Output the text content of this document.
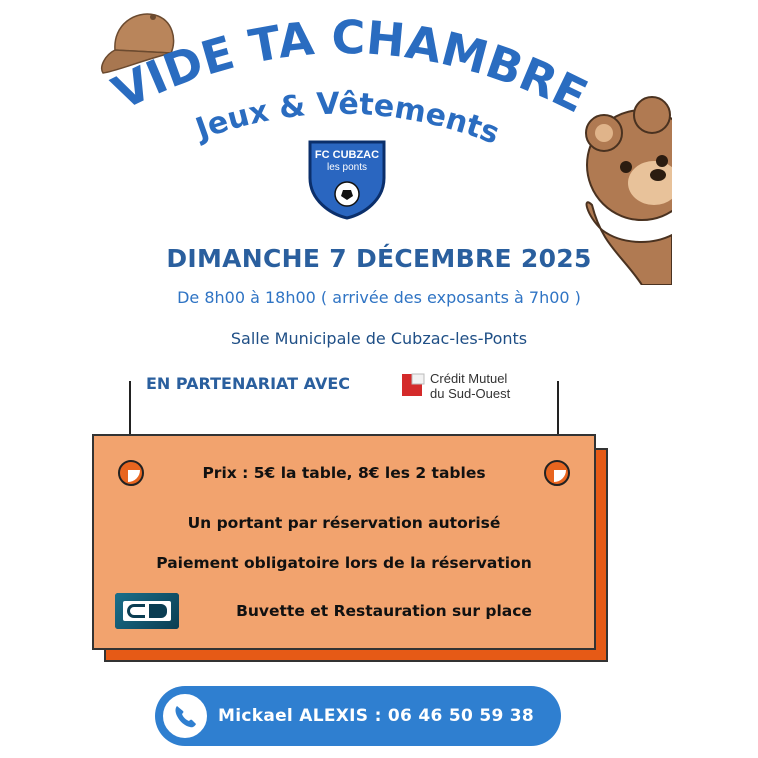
VIDE TA CHAMBRE
Jeux & Vêtements
FC CUBZAC
les ponts
DIMANCHE 7 DÉCEMBRE 2025
De 8h00 à 18h00 ( arrivée des exposants à 7h00 )
Salle Municipale de Cubzac-les-Ponts
EN PARTENARIAT AVEC	Crédit Mutuel
du Sud-Ouest
Prix : 5€ la table, 8€ les 2 tables
Un portant par réservation autorisé
Paiement obligatoire lors de la réservation
Buvette et Restauration sur place
Mickael ALEXIS : 06 46 50 59 38
